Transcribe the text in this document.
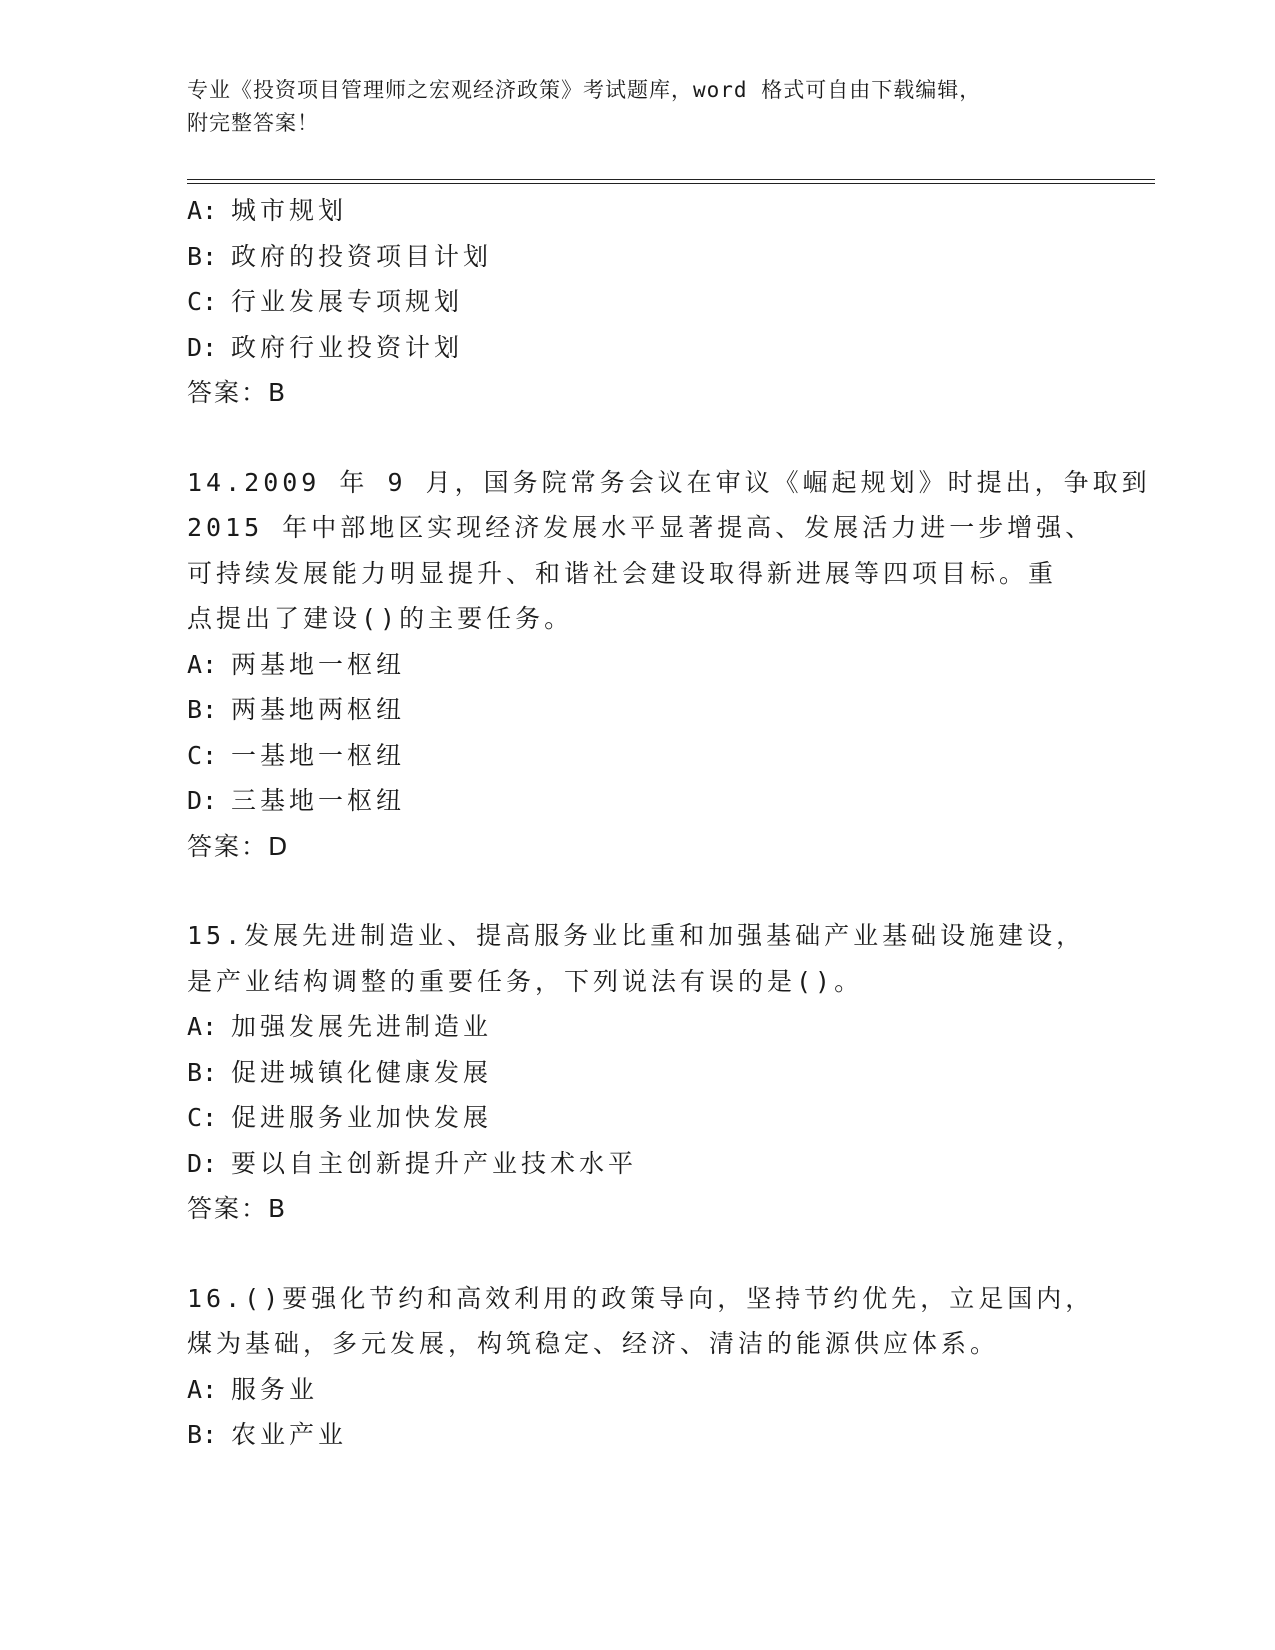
专业《投资项目管理师之宏观经济政策》考试题库，word 格式可自由下载编辑，
附完整答案！
A: 城市规划
B: 政府的投资项目计划
C: 行业发展专项规划
D: 政府行业投资计划
答案：B
14.2009 年 9 月，国务院常务会议在审议《崛起规划》时提出，争取到
2015 年中部地区实现经济发展水平显著提高、发展活力进一步增强、
可持续发展能力明显提升、和谐社会建设取得新进展等四项目标。重
点提出了建设()的主要任务。
A: 两基地一枢纽
B: 两基地两枢纽
C: 一基地一枢纽
D: 三基地一枢纽
答案：D
15.发展先进制造业、提高服务业比重和加强基础产业基础设施建设，
是产业结构调整的重要任务，下列说法有误的是()。
A: 加强发展先进制造业
B: 促进城镇化健康发展
C: 促进服务业加快发展
D: 要以自主创新提升产业技术水平
答案：B
16.()要强化节约和高效利用的政策导向，坚持节约优先，立足国内，
煤为基础，多元发展，构筑稳定、经济、清洁的能源供应体系。
A: 服务业
B: 农业产业
